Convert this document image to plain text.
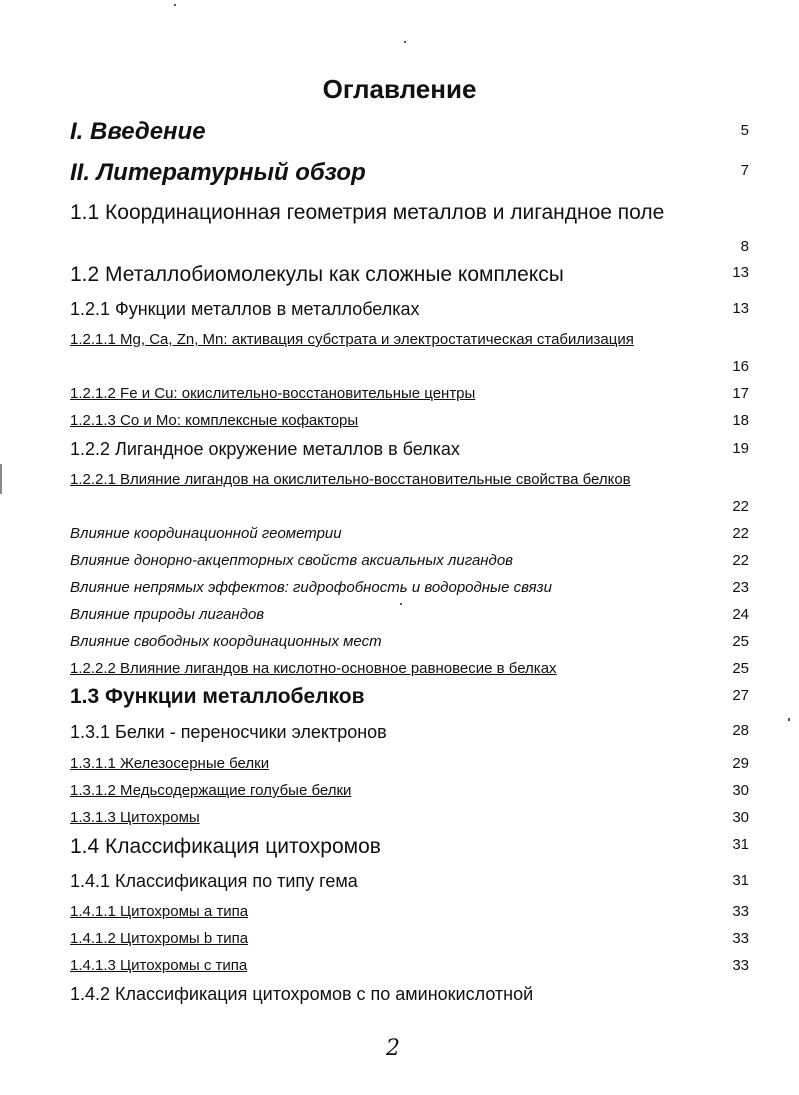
Оглавление
I. Введение	5
II. Литературный обзор	7
1.1 Координационная геометрия металлов и лигандное поле
8
1.2 Металлобиомолекулы как сложные комплексы	13
1.2.1 Функции металлов в металлобелках	13
1.2.1.1 Mg, Ca, Zn, Mn: активация субстрата и электростатическая стабилизация
16
1.2.1.2 Fe и Cu: окислительно-восстановительные центры	17
1.2.1.3 Co и Mo: комплексные кофакторы	18
1.2.2 Лигандное окружение металлов в белках	19
1.2.2.1 Влияние лигандов на окислительно-восстановительные свойства белков
22
Влияние координационной геометрии	22
Влияние донорно-акцепторных свойств аксиальных лигандов	22
Влияние непрямых эффектов: гидрофобность и водородные связи	23
Влияние природы лигандов	24
Влияние свободных координационных мест	25
1.2.2.2 Влияние лигандов на кислотно-основное равновесие в белках	25
1.3 Функции металлобелков	27
1.3.1 Белки - переносчики электронов	28
1.3.1.1 Железосерные белки	29
1.3.1.2 Медьсодержащие голубые белки	30
1.3.1.3 Цитохромы	30
1.4 Классификация цитохромов	31
1.4.1 Классификация по типу гема	31
1.4.1.1 Цитохромы a типа	33
1.4.1.2 Цитохромы b типа	33
1.4.1.3 Цитохромы c типа	33
1.4.2 Классификация цитохромов c по аминокислотной
2
